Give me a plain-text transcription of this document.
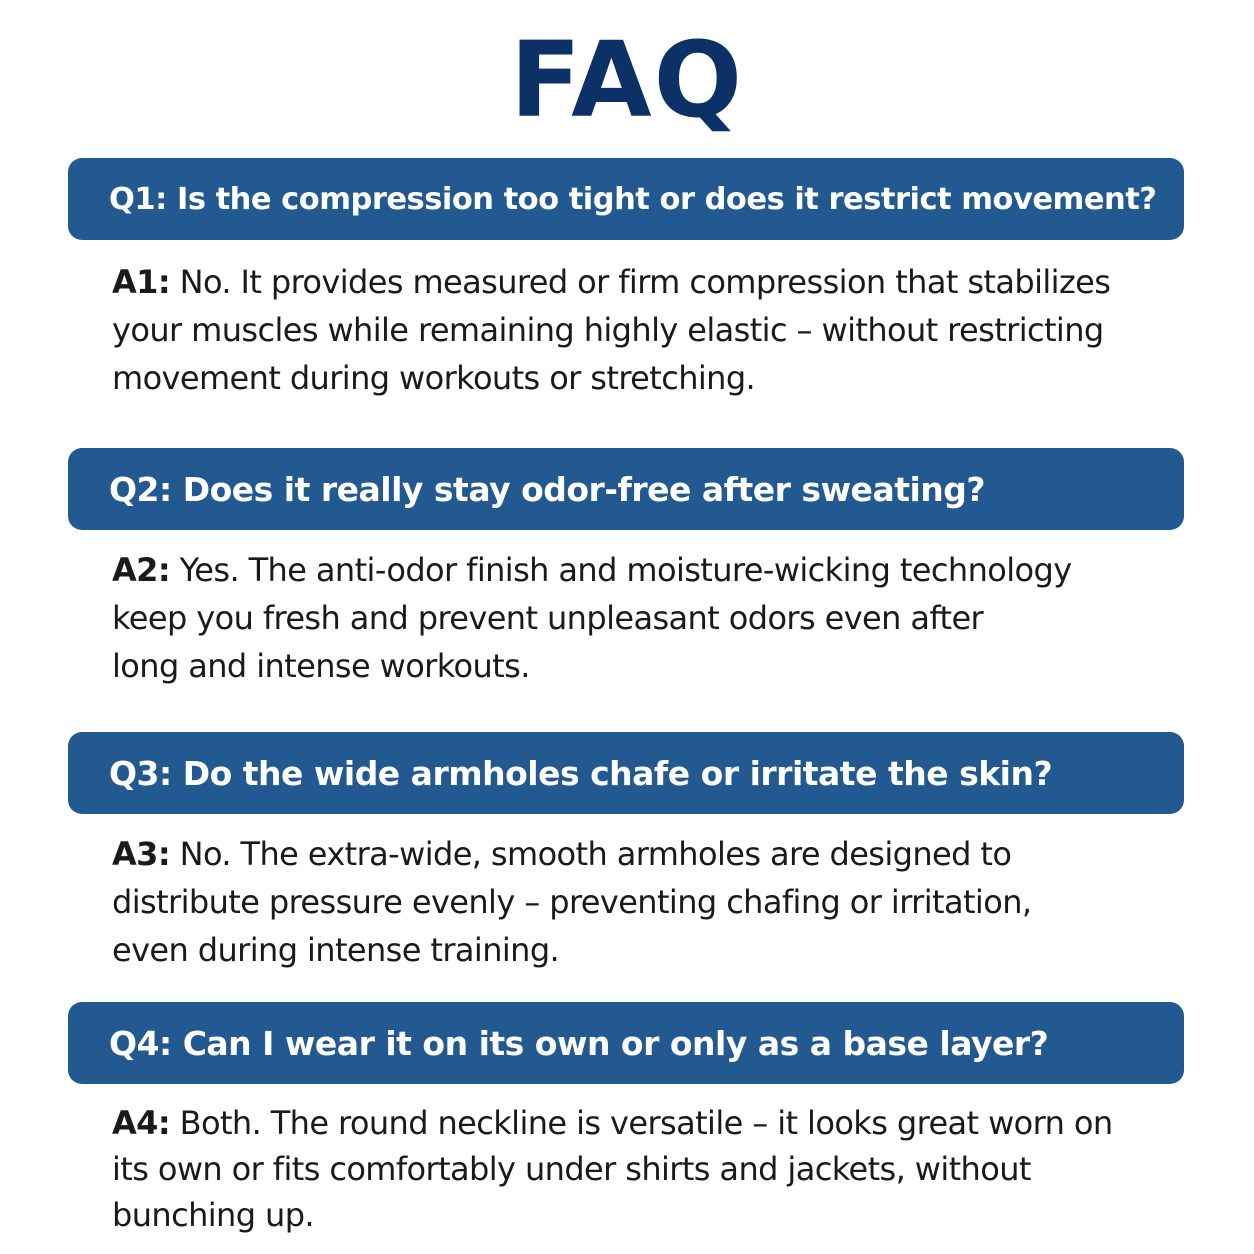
FAQ
Q1: Is the compression too tight or does it restrict movement?
A1: No. It provides measured or firm compression that stabilizes
your muscles while remaining highly elastic – without restricting
movement during workouts or stretching.
Q2: Does it really stay odor-free after sweating?
A2: Yes. The anti-odor finish and moisture-wicking technology
keep you fresh and prevent unpleasant odors even after
long and intense workouts.
Q3: Do the wide armholes chafe or irritate the skin?
A3: No. The extra-wide, smooth armholes are designed to
distribute pressure evenly – preventing chafing or irritation,
even during intense training.
Q4: Can I wear it on its own or only as a base layer?
A4: Both. The round neckline is versatile – it looks great worn on
its own or fits comfortably under shirts and jackets, without
bunching up.
